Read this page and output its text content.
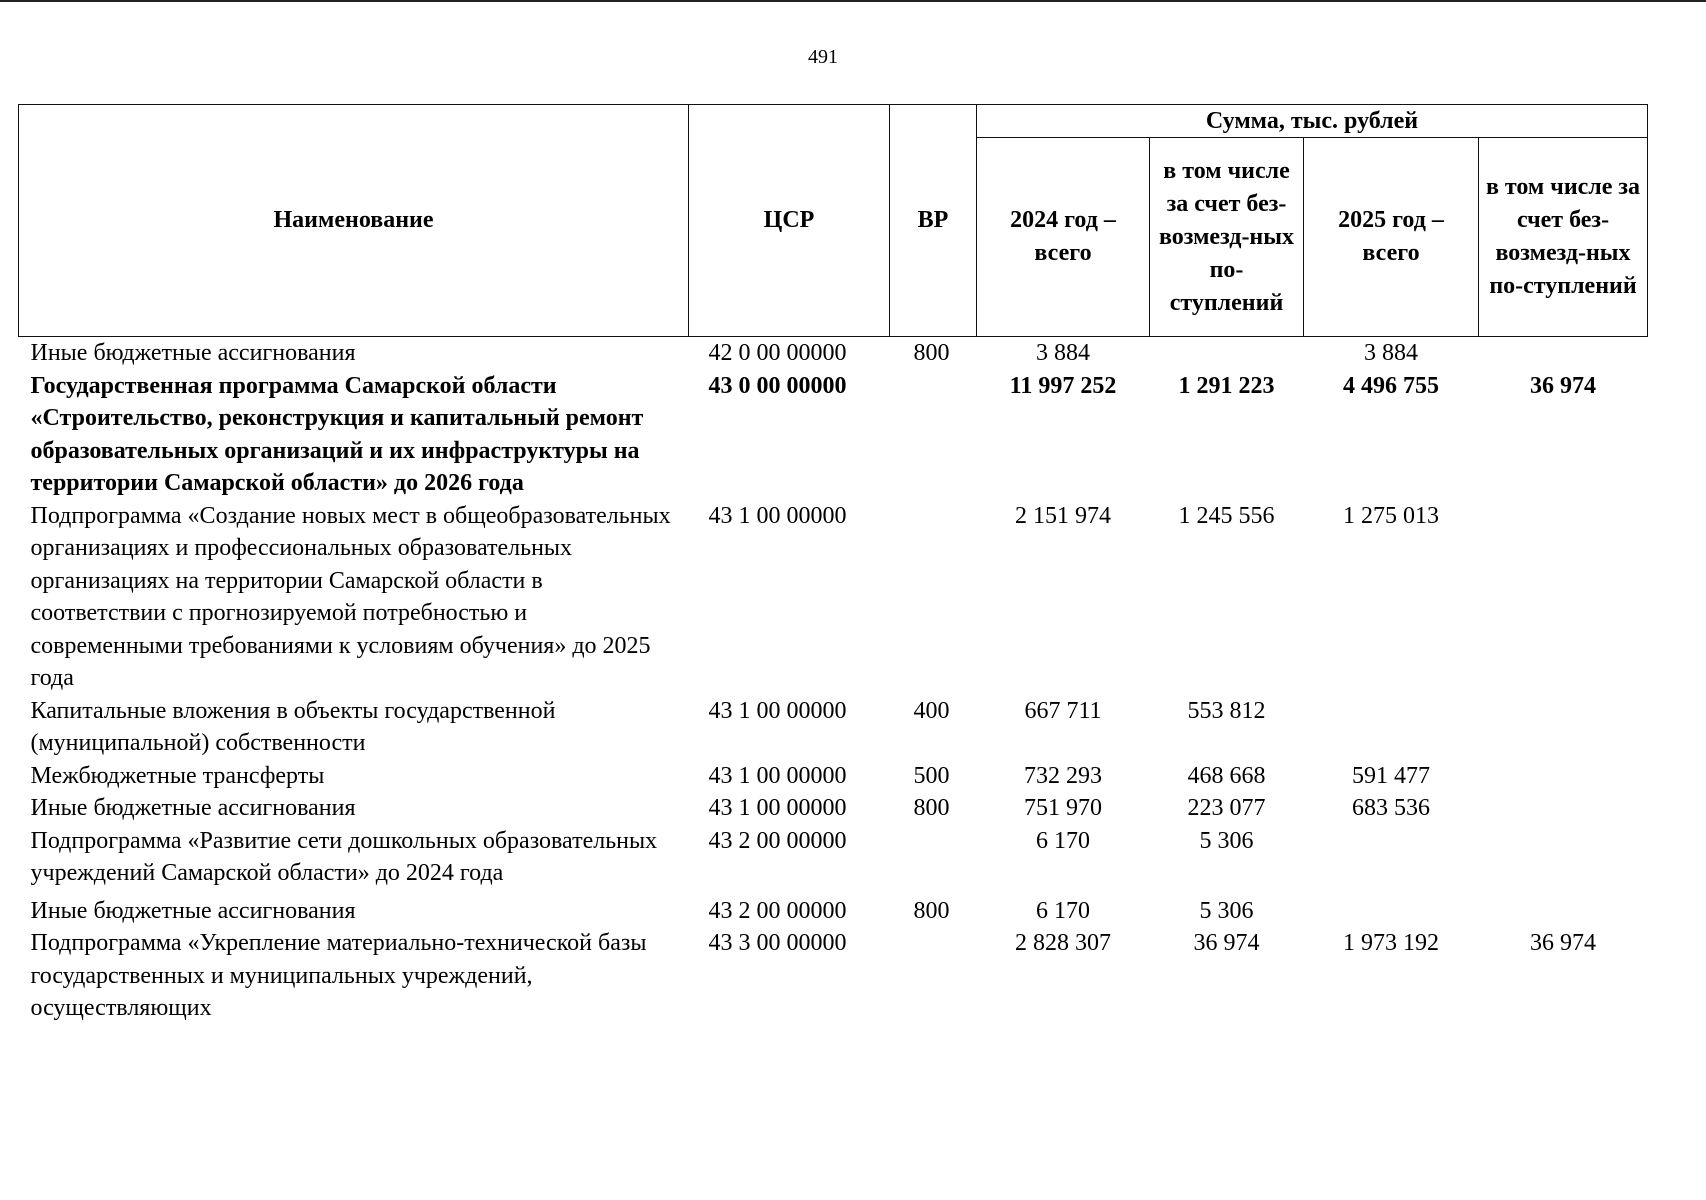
491
Наименование	ЦСР	ВР	Сумма, тыс. рублей			
			2024 год – всего	в том числе за счет без-возмезд-ных по-ступлений	2025 год – всего	в том числе за счет без-возмезд-ных по-ступлений
Иные бюджетные ассигнования	42 0 00 00000	800	3 884		3 884	
Государственная программа Самарской области «Строительство, реконструкция и капитальный ремонт образовательных организаций и их инфраструктуры на территории Самарской области» до 2026 года	43 0 00 00000		11 997 252	1 291 223	4 496 755	36 974
Подпрограмма «Создание новых мест в общеобразовательных организациях и профессиональных образовательных организациях на территории Самарской области в соответствии с прогнозируемой потребностью и современными требованиями к условиям обучения» до 2025 года	43 1 00 00000		2 151 974	1 245 556	1 275 013	
Капитальные вложения в объекты государственной (муниципальной) собственности	43 1 00 00000	400	667 711	553 812		
Межбюджетные трансферты	43 1 00 00000	500	732 293	468 668	591 477	
Иные бюджетные ассигнования	43 1 00 00000	800	751 970	223 077	683 536	
Подпрограмма «Развитие сети дошкольных образовательных учреждений Самарской области» до 2024 года	43 2 00 00000		6 170	5 306		
Иные бюджетные ассигнования	43 2 00 00000	800	6 170	5 306		
Подпрограмма «Укрепление материально-технической базы государственных и муниципальных учреждений, осуществляющих	43 3 00 00000		2 828 307	36 974	1 973 192	36 974
